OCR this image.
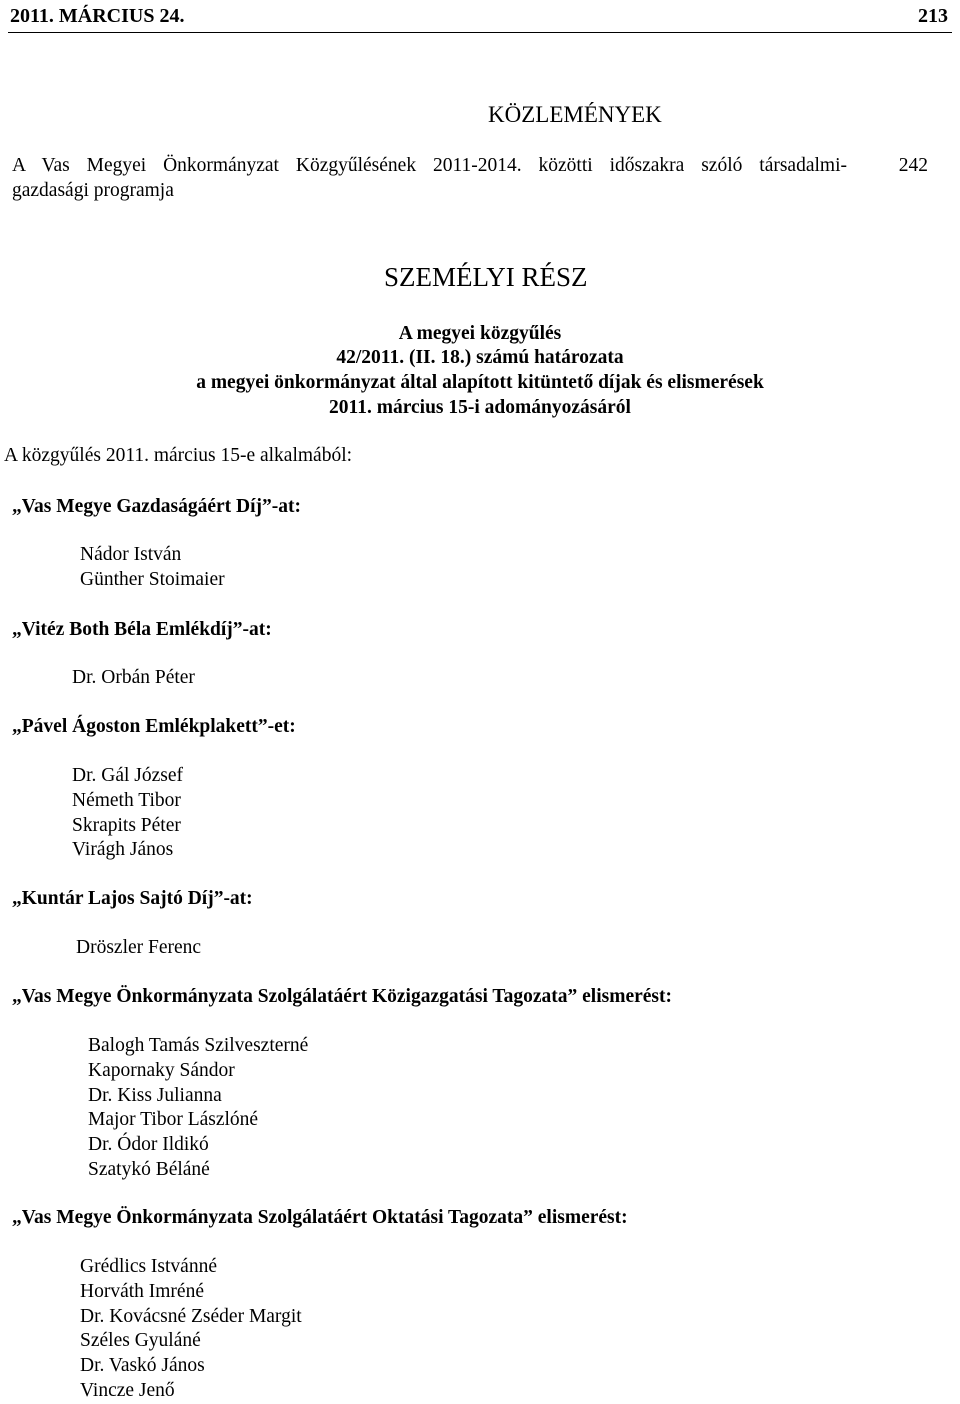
2011. MÁRCIUS 24.	213
KÖZLEMÉNYEK
A Vas Megyei Önkormányzat Közgyűlésének 2011-2014. közötti időszakra szóló társadalmi-
gazdasági programja
242
SZEMÉLYI RÉSZ
A megyei közgyűlés
42/2011. (II. 18.) számú határozata
a megyei önkormányzat által alapított kitüntető díjak és elismerések
2011. március 15-i adományozásáról
A közgyűlés 2011. március 15-e alkalmából:
„Vas Megye Gazdaságáért Díj”-at:
Nádor István
Günther Stoimaier
„Vitéz Both Béla Emlékdíj”-at:
Dr. Orbán Péter
„Pável Ágoston Emlékplakett”-et:
Dr. Gál József
Németh Tibor
Skrapits Péter
Virágh János
„Kuntár Lajos Sajtó Díj”-at:
Dröszler Ferenc
„Vas Megye Önkormányzata Szolgálatáért Közigazgatási Tagozata” elismerést:
Balogh Tamás Szilveszterné
Kapornaky Sándor
Dr. Kiss Julianna
Major Tibor Lászlóné
Dr. Ódor Ildikó
Szatykó Béláné
„Vas Megye Önkormányzata Szolgálatáért Oktatási Tagozata” elismerést:
Grédlics Istvánné
Horváth Imréné
Dr. Kovácsné Zséder Margit
Széles Gyuláné
Dr. Vaskó János
Vincze Jenő
